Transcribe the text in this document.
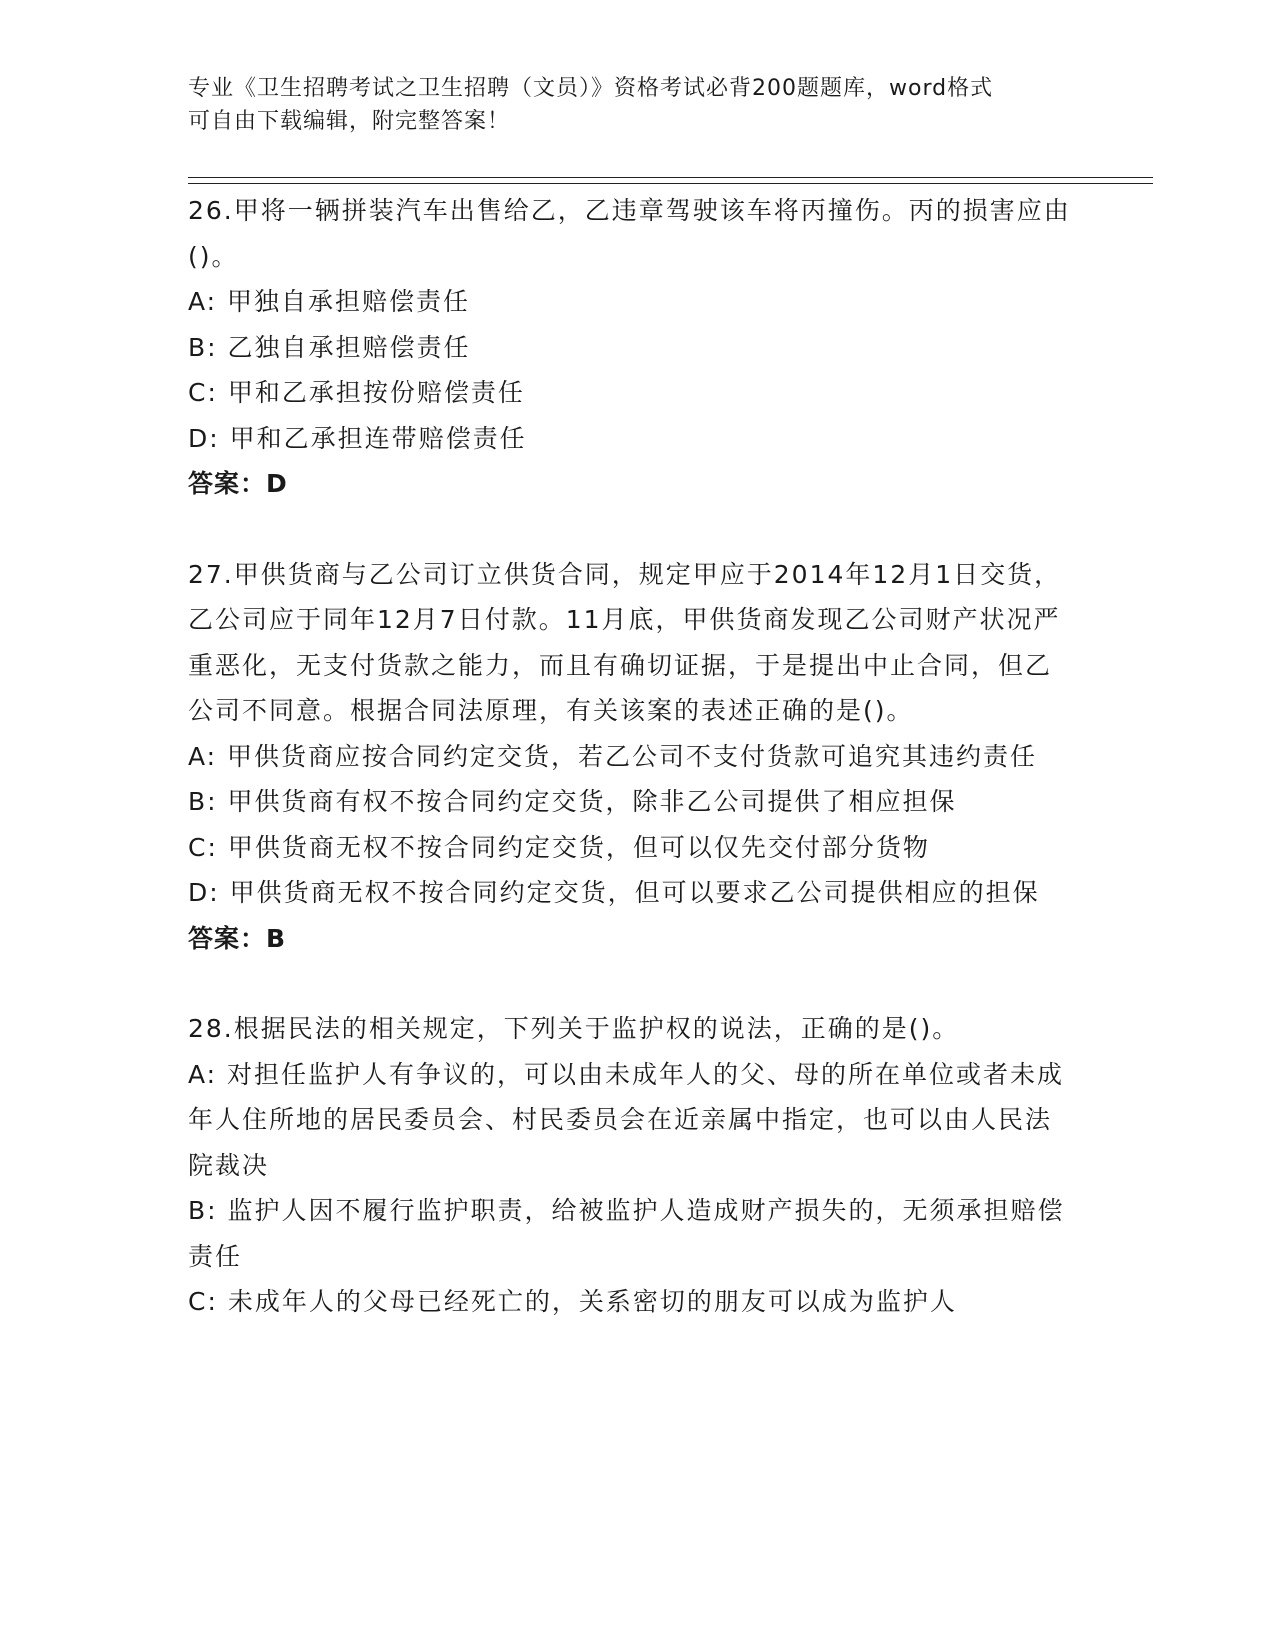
专业《卫生招聘考试之卫生招聘（文员）》资格考试必背200题题库，word格式
可自由下载编辑，附完整答案！

26.甲将一辆拼装汽车出售给乙，乙违章驾驶该车将丙撞伤。丙的损害应由()。

A: 甲独自承担赔偿责任

B: 乙独自承担赔偿责任

C: 甲和乙承担按份赔偿责任

D: 甲和乙承担连带赔偿责任

答案：D

27.甲供货商与乙公司订立供货合同，规定甲应于2014年12月1日交货，乙公司应于同年12月7日付款。11月底，甲供货商发现乙公司财产状况严重恶化，无支付货款之能力，而且有确切证据，于是提出中止合同，但乙公司不同意。根据合同法原理，有关该案的表述正确的是()。

A: 甲供货商应按合同约定交货，若乙公司不支付货款可追究其违约责任

B: 甲供货商有权不按合同约定交货，除非乙公司提供了相应担保

C: 甲供货商无权不按合同约定交货，但可以仅先交付部分货物

D: 甲供货商无权不按合同约定交货，但可以要求乙公司提供相应的担保

答案：B

28.根据民法的相关规定，下列关于监护权的说法，正确的是()。

A: 对担任监护人有争议的，可以由未成年人的父、母的所在单位或者未成年人住所地的居民委员会、村民委员会在近亲属中指定，也可以由人民法院裁决

B: 监护人因不履行监护职责，给被监护人造成财产损失的，无须承担赔偿责任

C: 未成年人的父母已经死亡的，关系密切的朋友可以成为监护人
